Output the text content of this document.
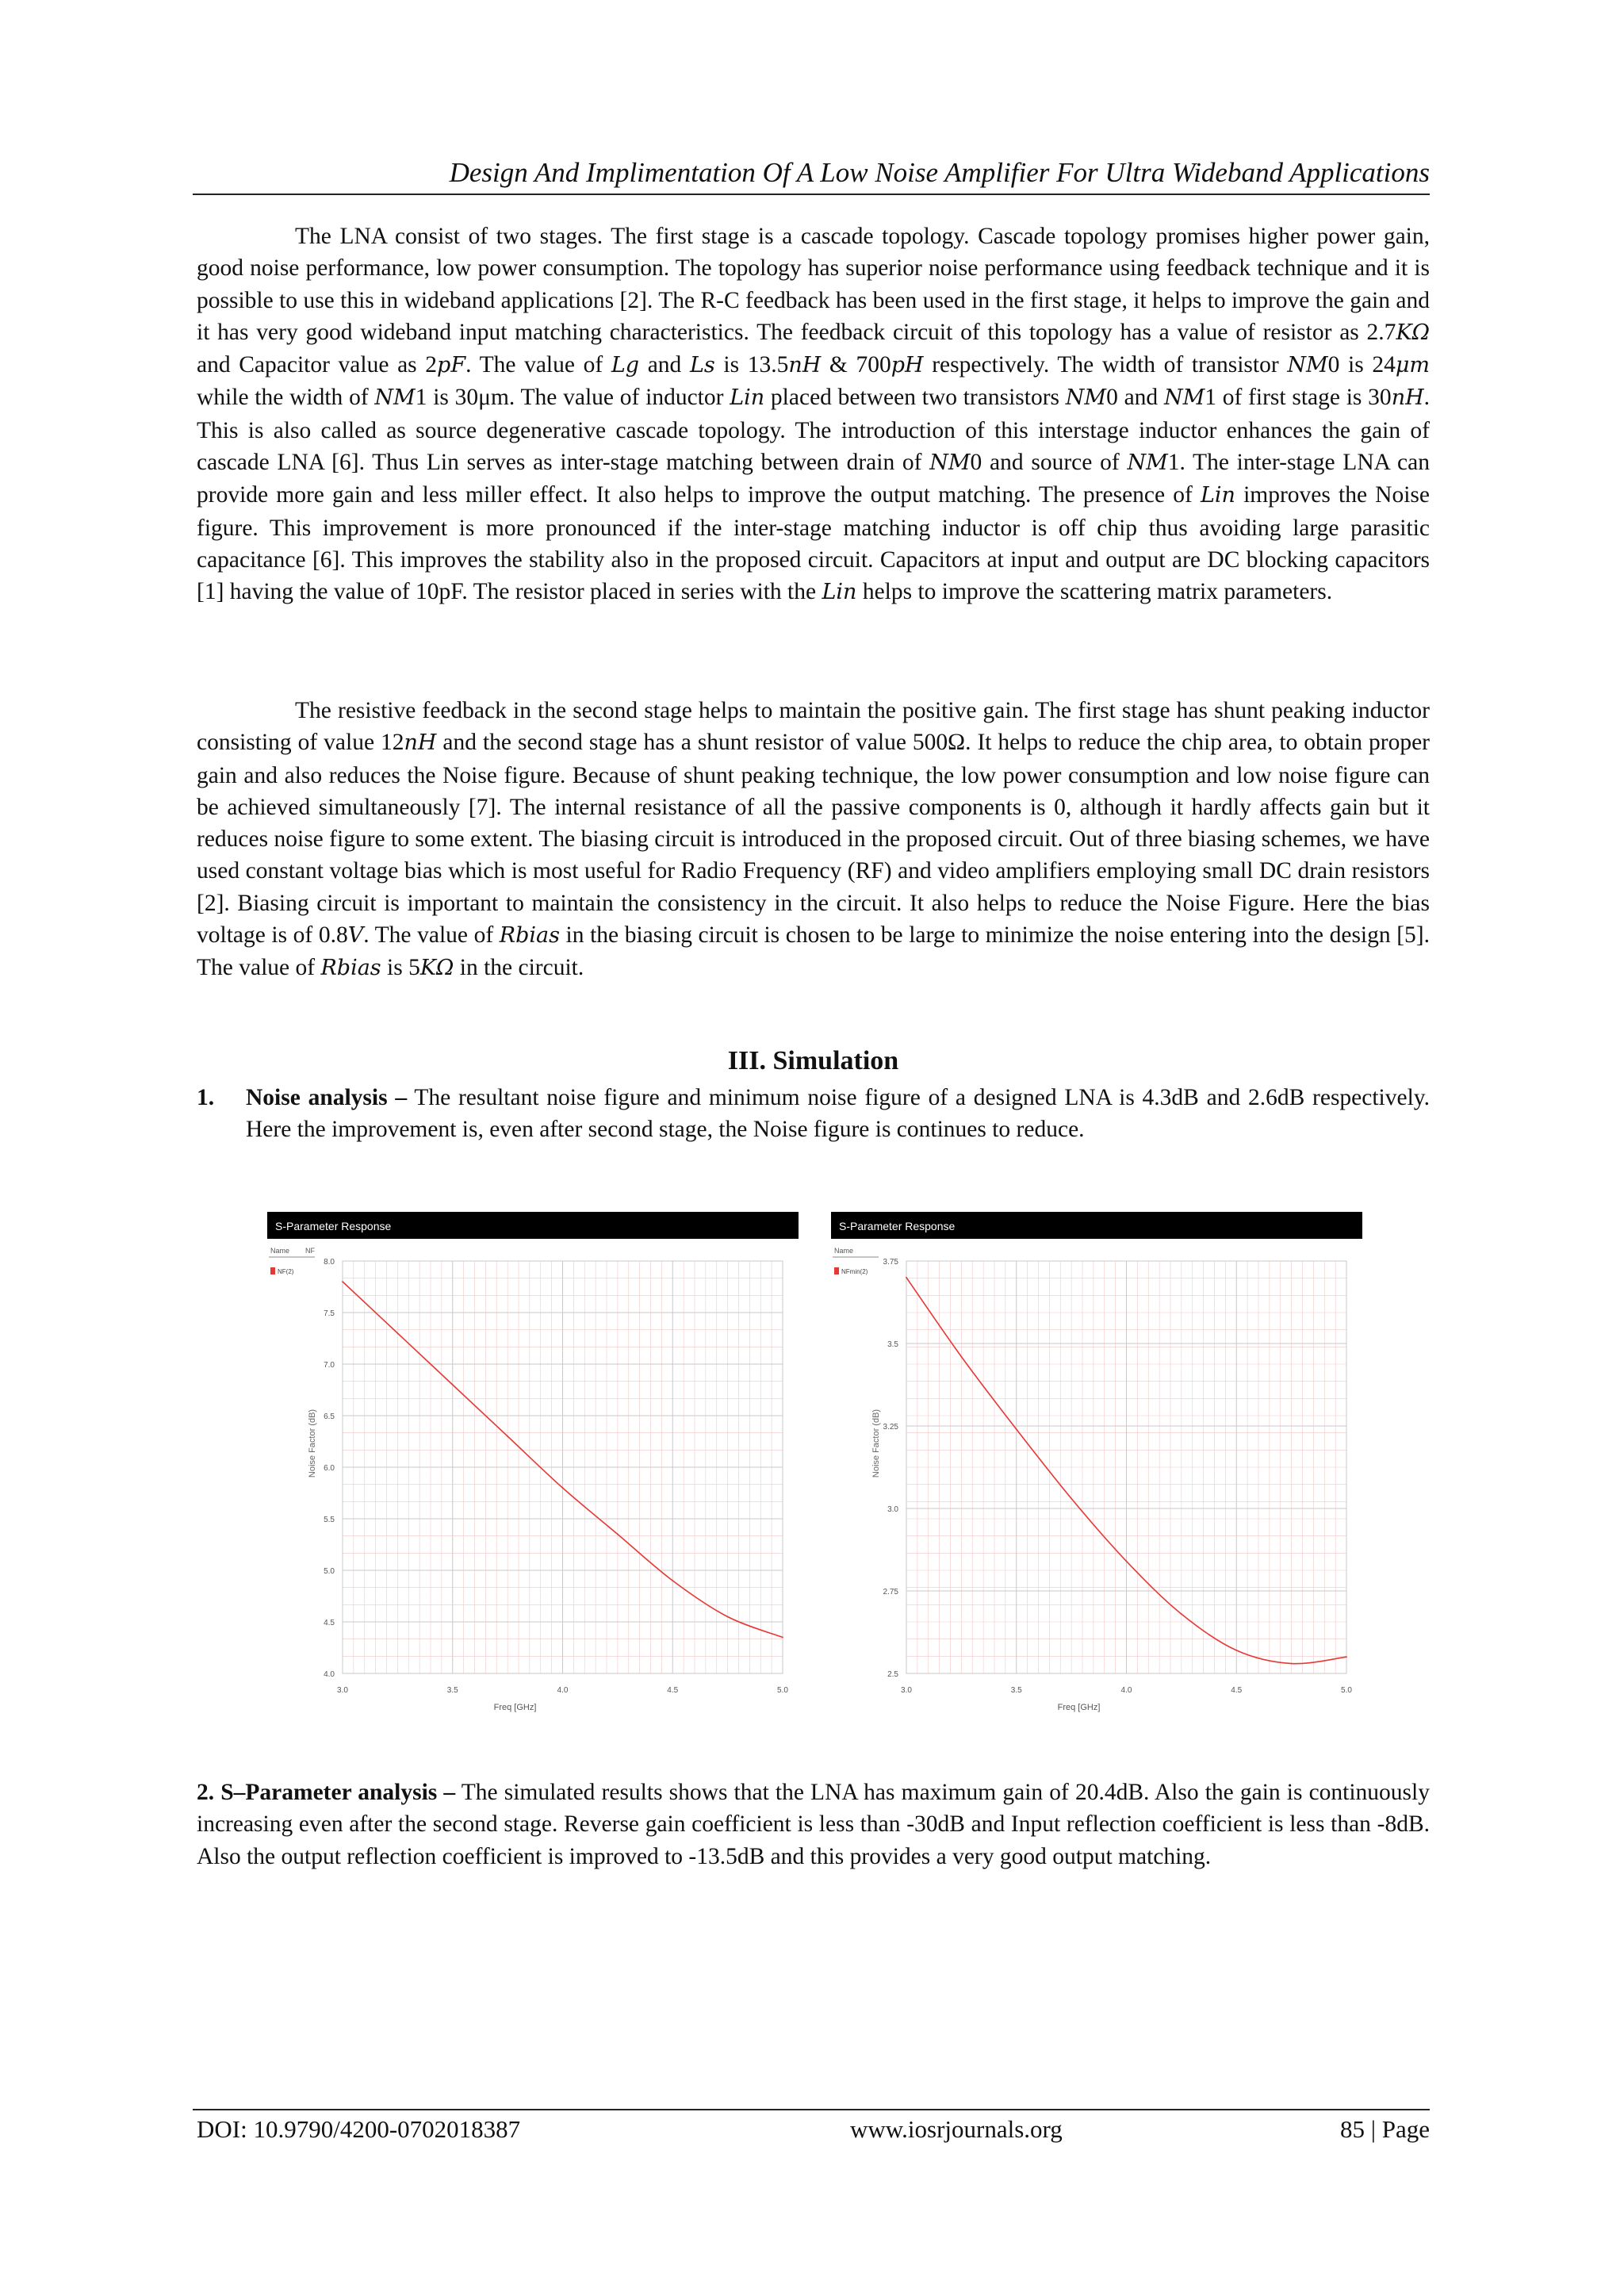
Design And Implimentation Of A Low Noise Amplifier For Ultra Wideband Applications

The LNA consist of two stages. The first stage is a cascade topology. Cascade topology promises higher power gain, good noise performance, low power consumption. The topology has superior noise performance using feedback technique and it is possible to use this in wideband applications [2]. The R-C feedback has been used in the first stage, it helps to improve the gain and it has very good wideband input matching characteristics. The feedback circuit of this topology has a value of resistor as 2.7KΩ and Capacitor value as 2pF. The value of Lg and Ls is 13.5nH & 700pH respectively. The width of transistor NM0 is 24μm while the width of NM1 is 30μm. The value of inductor Lin placed between two transistors NM0 and NM1 of first stage is 30nH. This is also called as source degenerative cascade topology. The introduction of this interstage inductor enhances the gain of cascade LNA [6]. Thus Lin serves as inter-stage matching between drain of NM0 and source of NM1. The inter-stage LNA can provide more gain and less miller effect. It also helps to improve the output matching. The presence of Lin improves the Noise figure. This improvement is more pronounced if the inter-stage matching inductor is off chip thus avoiding large parasitic capacitance [6]. This improves the stability also in the proposed circuit. Capacitors at input and output are DC blocking capacitors [1] having the value of 10pF. The resistor placed in series with the Lin helps to improve the scattering matrix parameters.

The resistive feedback in the second stage helps to maintain the positive gain. The first stage has shunt peaking inductor consisting of value 12nH and the second stage has a shunt resistor of value 500Ω. It helps to reduce the chip area, to obtain proper gain and also reduces the Noise figure. Because of shunt peaking technique, the low power consumption and low noise figure can be achieved simultaneously [7]. The internal resistance of all the passive components is 0, although it hardly affects gain but it reduces noise figure to some extent. The biasing circuit is introduced in the proposed circuit. Out of three biasing schemes, we have used constant voltage bias which is most useful for Radio Frequency (RF) and video amplifiers employing small DC drain resistors [2]. Biasing circuit is important to maintain the consistency in the circuit. It also helps to reduce the Noise Figure. Here the bias voltage is of 0.8V. The value of Rbias in the biasing circuit is chosen to be large to minimize the noise entering into the design [5]. The value of Rbias is 5KΩ in the circuit.

III. Simulation
1. Noise analysis – The resultant noise figure and minimum noise figure of a designed LNA is 4.3dB and 2.6dB respectively. Here the improvement is, even after second stage, the Noise figure is continues to reduce.
S-Parameter Response
Name NF
NF(2)
4.0
4.5
5.0
5.5
6.0
6.5
7.0
7.5
8.0
3.0	3.5	4.0	4.5	5.0
Freq [GHz]
Noise Factor (dB)
S-Parameter Response
Name
NFmin(2)
2.5
2.75
3.0
3.25
3.5
3.75
3.0	3.5	4.0	4.5	5.0
Freq [GHz]
Noise Factor (dB)

2. S–Parameter analysis – The simulated results shows that the LNA has maximum gain of 20.4dB. Also the gain is continuously increasing even after the second stage. Reverse gain coefficient is less than -30dB and Input reflection coefficient is less than -8dB. Also the output reflection coefficient is improved to -13.5dB and this provides a very good output matching.

DOI: 10.9790/4200-0702018387	www.iosrjournals.org	85 | Page
